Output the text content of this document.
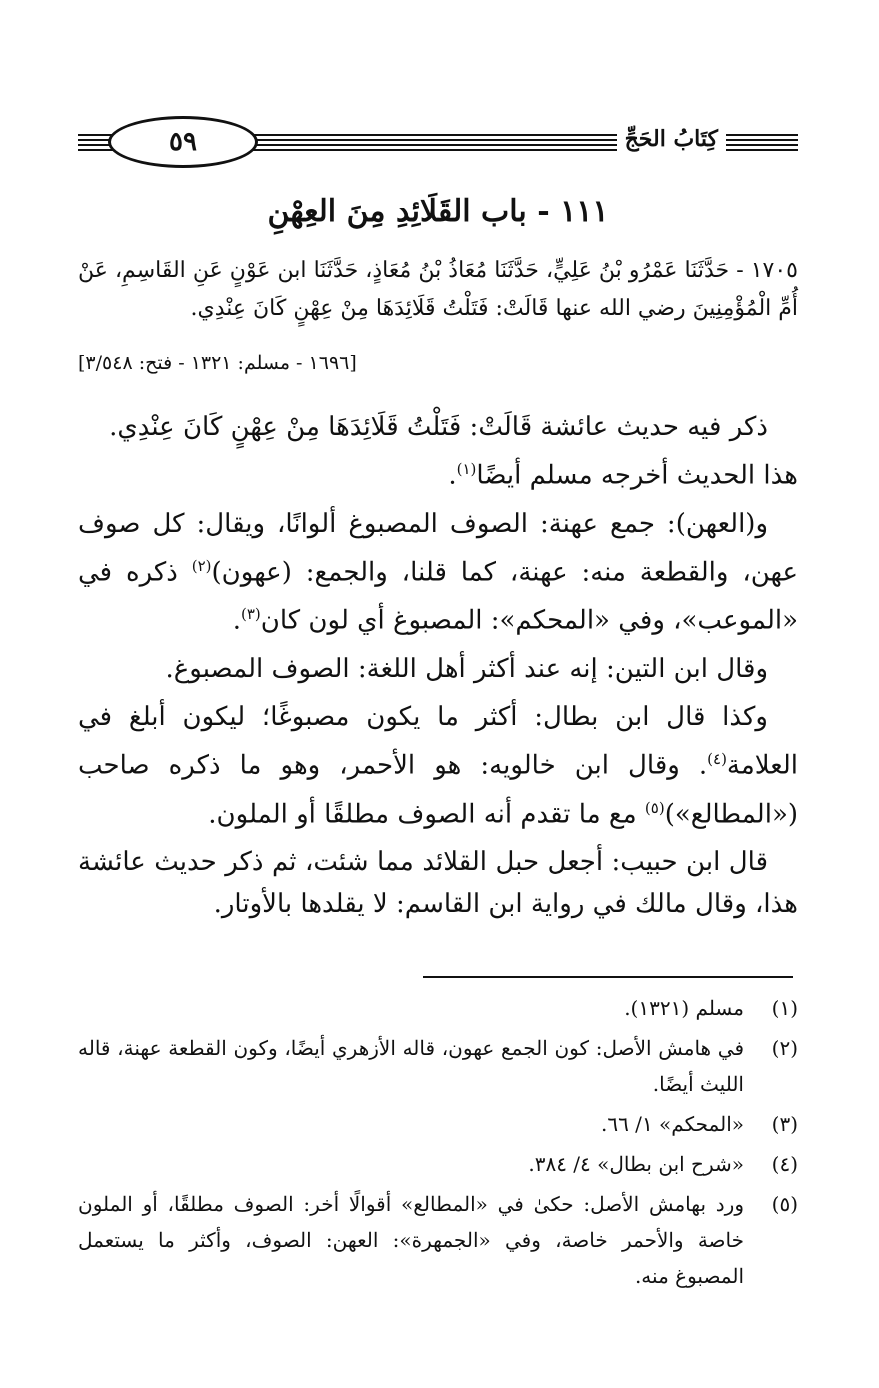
٥٩	كِتَابُ الحَجِّ
١١١ - باب القَلَائِدِ مِنَ العِهْنِ
١٧٠٥ - حَدَّثَنَا عَمْرُو بْنُ عَلِيٍّ، حَدَّثَنَا مُعَاذُ بْنُ مُعَاذٍ، حَدَّثَنَا ابن عَوْنٍ عَنِ القَاسِمِ، عَنْ أُمِّ الْمُؤْمِنِينَ رضي الله عنها قَالَتْ: فَتَلْتُ قَلَائِدَهَا مِنْ عِهْنٍ كَانَ عِنْدِي.
[١٦٩٦ - مسلم: ١٣٢١ - فتح: ٣/٥٤٨]

ذكر فيه حديث عائشة قَالَتْ: فَتَلْتُ قَلَائِدَهَا مِنْ عِهْنٍ كَانَ عِنْدِي.
هذا الحديث أخرجه مسلم أيضًا$^{(١)}$.

و(العهن): جمع عهنة: الصوف المصبوغ ألوانًا، ويقال: كل صوف عهن، والقطعة منه: عهنة، كما قلنا، والجمع: (عهون)$^{(٢)}$ ذكره في «الموعب»، وفي «المحكم»: المصبوغ أي لون كان$^{(٣)}$.

وقال ابن التين: إنه عند أكثر أهل اللغة: الصوف المصبوغ.

وكذا قال ابن بطال: أكثر ما يكون مصبوغًا؛ ليكون أبلغ في العلامة$^{(٤)}$. وقال ابن خالويه: هو الأحمر، وهو ما ذكره صاحب («المطالع»)$^{(٥)}$ مع ما تقدم أنه الصوف مطلقًا أو الملون.

قال ابن حبيب: أجعل حبل القلائد مما شئت، ثم ذكر حديث عائشة هذا، وقال مالك في رواية ابن القاسم: لا يقلدها بالأوتار.

(١)
مسلم (١٣٢١).
(٢)
في هامش الأصل: كون الجمع عهون، قاله الأزهري أيضًا، وكون القطعة عهنة، قاله الليث أيضًا.
(٣)
«المحكم» ١/ ٦٦.
(٤)
«شرح ابن بطال» ٤/ ٣٨٤.
(٥)
ورد بهامش الأصل: حكىٰ في «المطالع» أقوالًا أخر: الصوف مطلقًا، أو الملون خاصة والأحمر خاصة، وفي «الجمهرة»: العهن: الصوف، وأكثر ما يستعمل المصبوغ منه.
